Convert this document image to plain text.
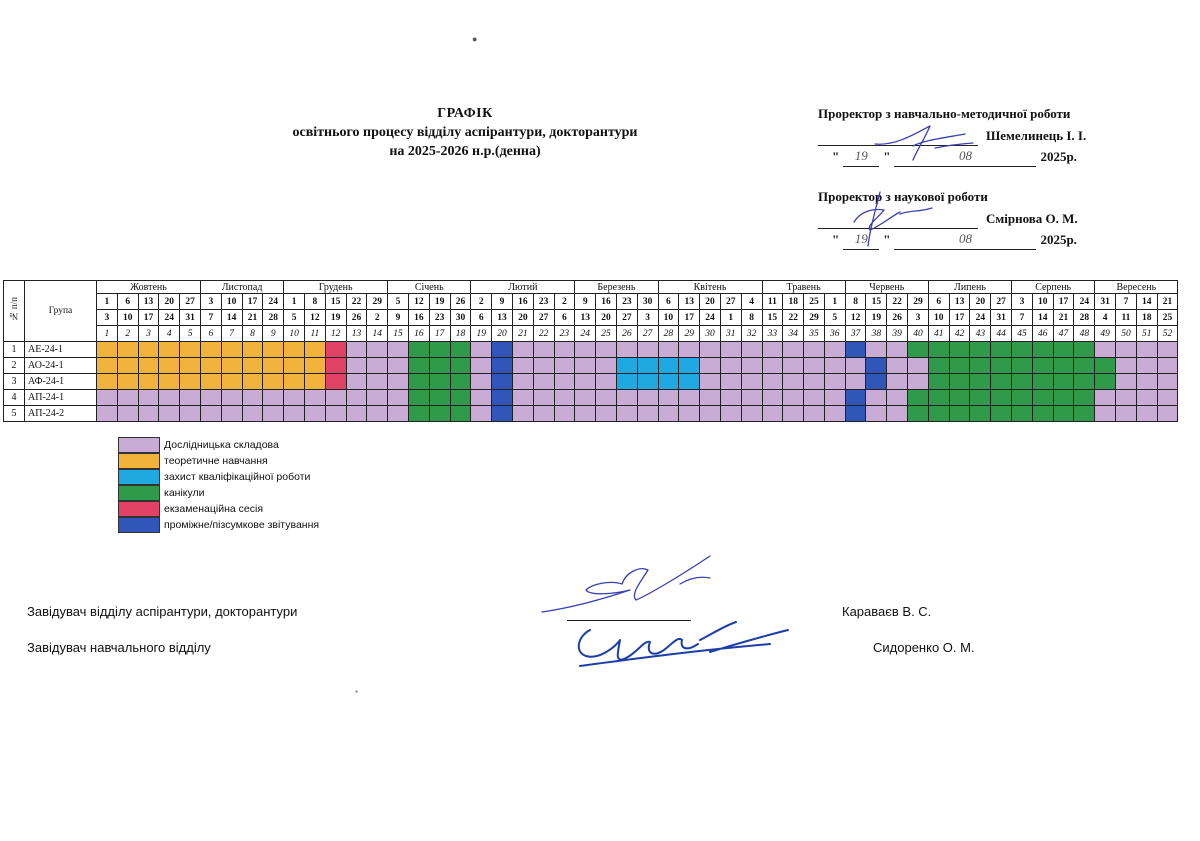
ГРАФІК
освітнього процесу відділу аспірантури, докторантури
на 2025-2026 н.р.(денна)
Проректор з навчально-методичної роботи
Шемелинець І. І.
"	19	"	08	2025р.
Проректор з наукової роботи
Смірнова О. М.
"	19	"	08	2025р.
№ п/п	Група	Жовтень					Листопад				Грудень					Січень				Лютий					Березень				Квітень					Травень				Червень				Липень				Серпень				Вересень			
		1	6	13	20	27	3	10	17	24	1	8	15	22	29	5	12	19	26	2	9	16	23	2	9	16	23	30	6	13	20	27	4	11	18	25	1	8	15	22	29	6	13	20	27	3	10	17	24	31	7	14	21
		3	10	17	24	31	7	14	21	28	5	12	19	26	2	9	16	23	30	6	13	20	27	6	13	20	27	3	10	17	24	1	8	15	22	29	5	12	19	26	3	10	17	24	31	7	14	21	28	4	11	18	25
		1	2	3	4	5	6	7	8	9	10	11	12	13	14	15	16	17	18	19	20	21	22	23	24	25	26	27	28	29	30	31	32	33	34	35	36	37	38	39	40	41	42	43	44	45	46	47	48	49	50	51	52
1	АЕ-24-1																																																				
2	АО-24-1																																																				
3	АФ-24-1																																																				
4	АП-24-1																																																				
5	АП-24-2																																																				
Дослідницька складова
теоретичне навчання
захист кваліфікаційної роботи
канікули
екзаменаційна сесія
проміжне/пізсумкове звітування
Завідувач відділу аспірантури, докторантури	Караваєв В. С.
Завідувач навчального відділу	Сидоренко О. М.
●
●
